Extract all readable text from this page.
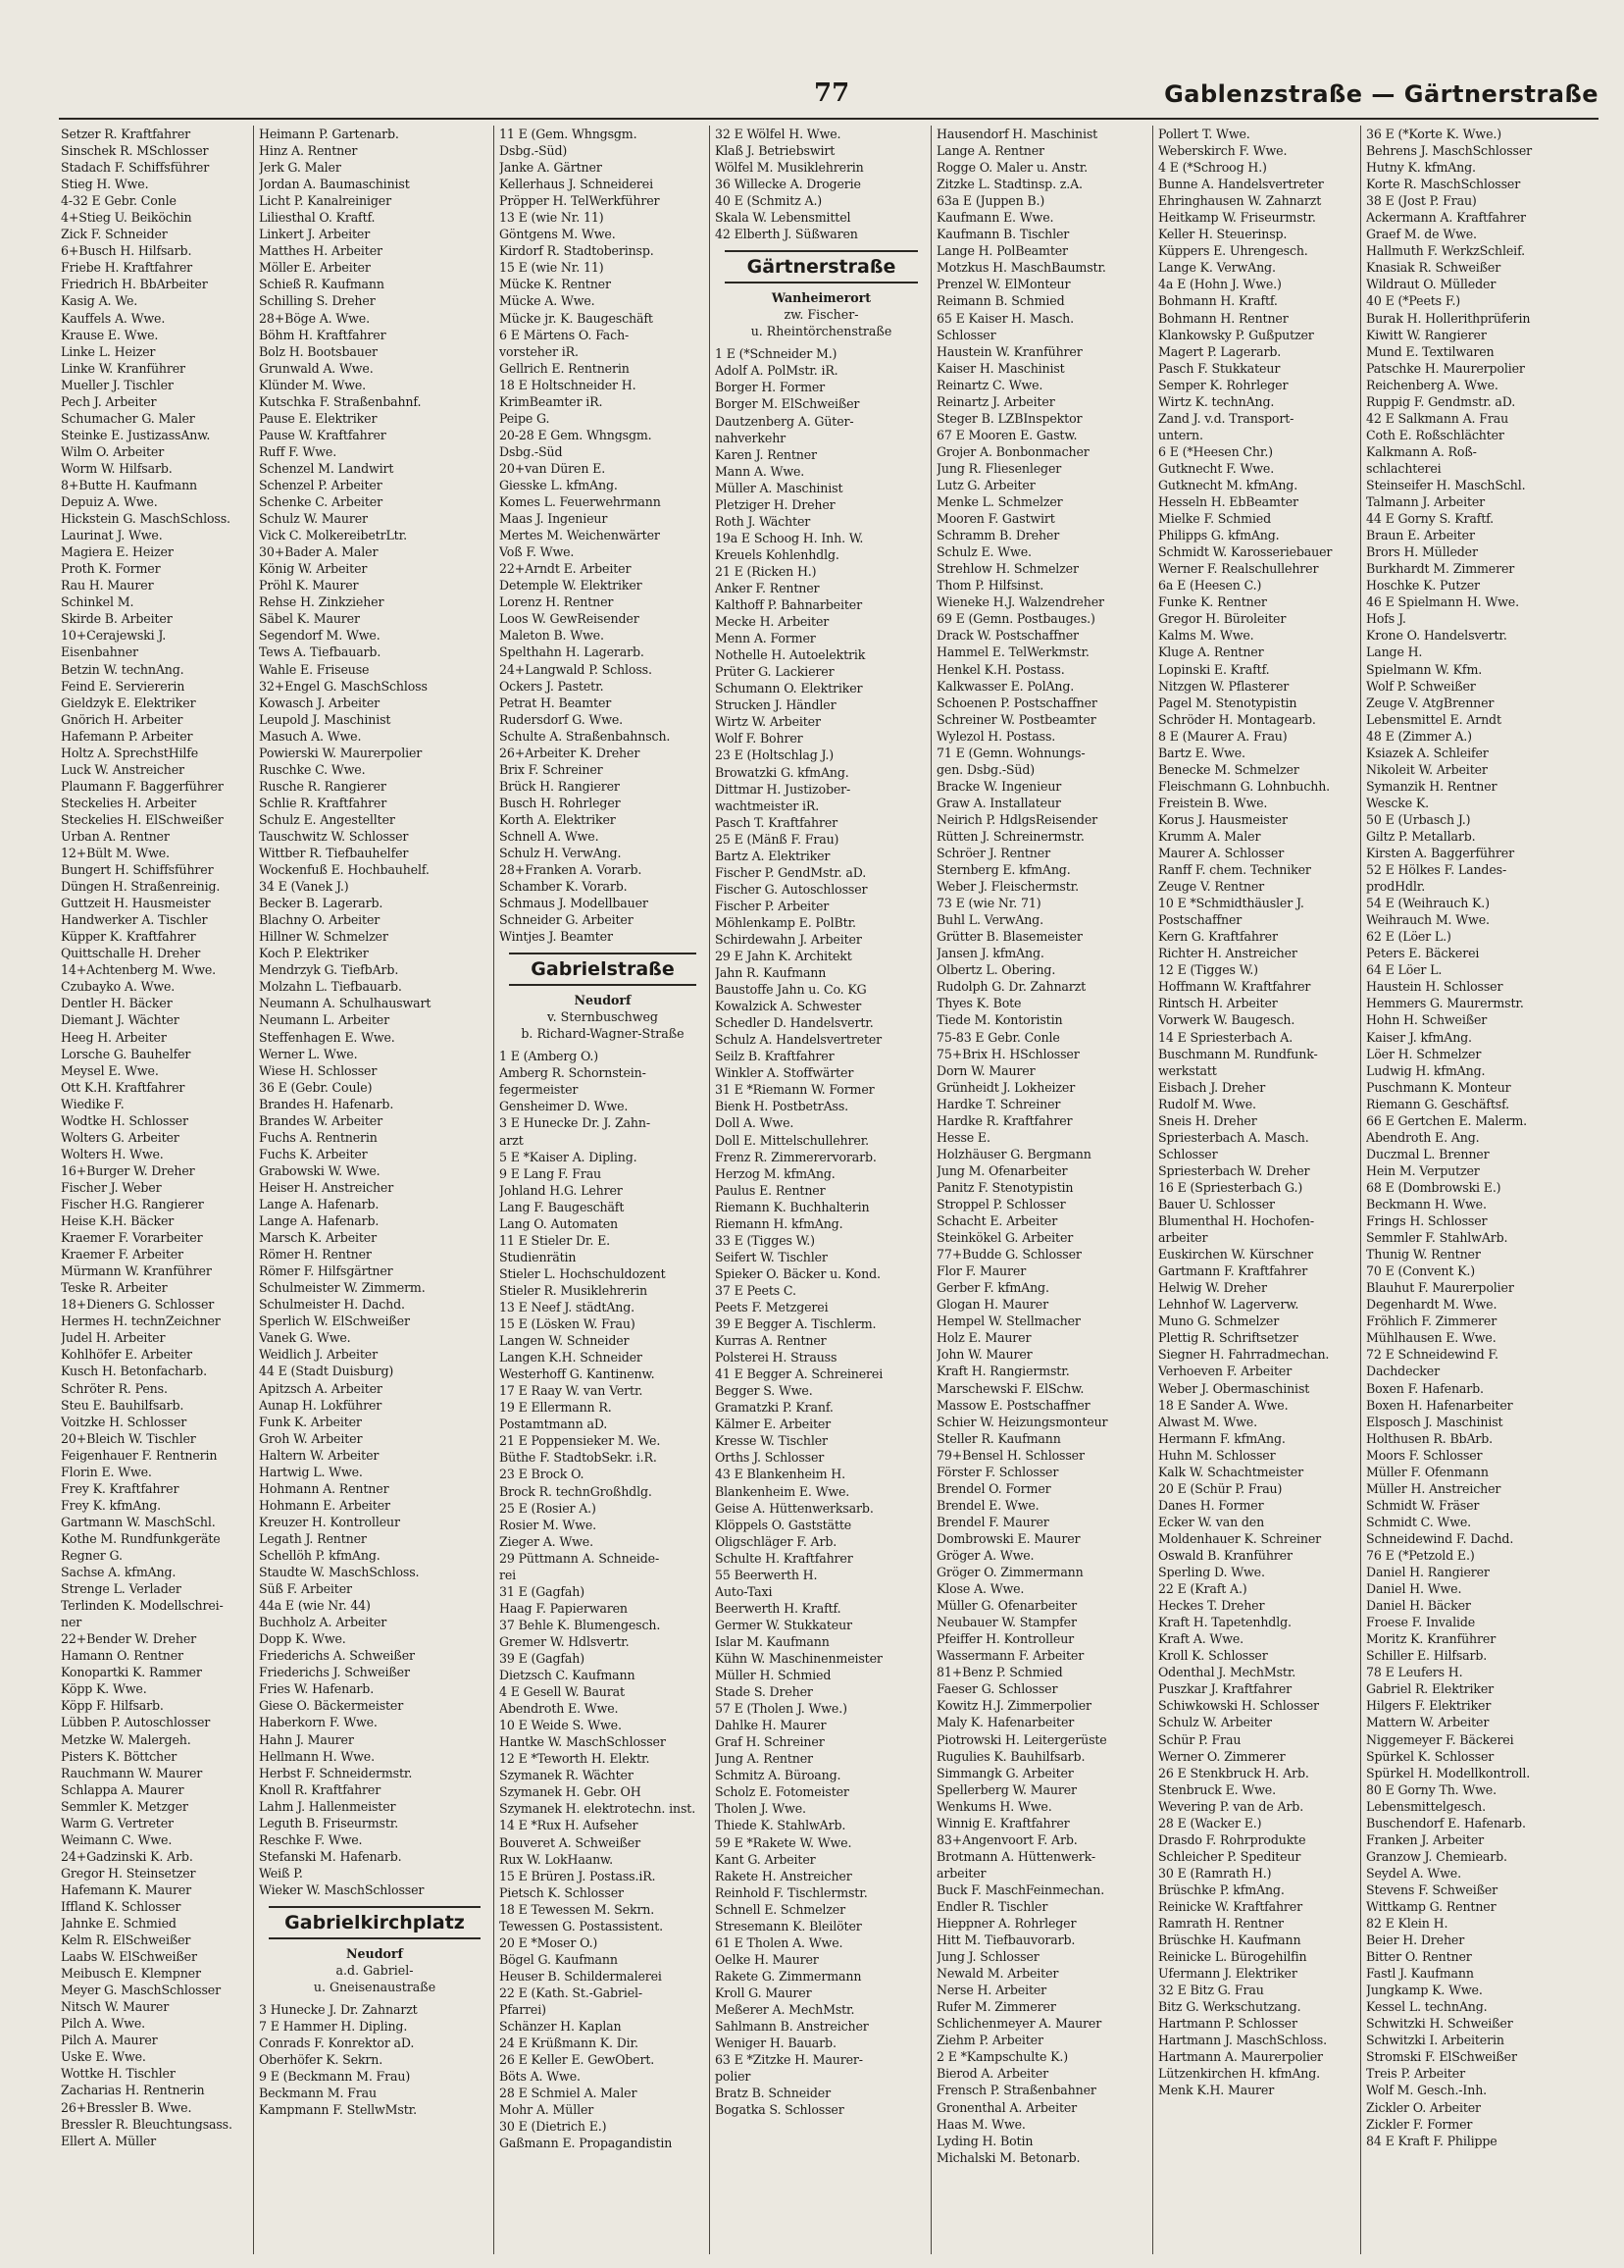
77	Gablenzstraße — Gärtnerstraße
Setzer R. Kraftfahrer
Sinschek R. MSchlosser
Stadach F. Schiffsführer
Stieg H. Wwe.
4-32 E Gebr. Conle
4+Stieg U. Beiköchin
Zick F. Schneider
6+Busch H. Hilfsarb.
Friebe H. Kraftfahrer
Friedrich H. BbArbeiter
Kasig A. We.
Kauffels A. Wwe.
Krause E. Wwe.
Linke L. Heizer
Linke W. Kranführer
Mueller J. Tischler
Pech J. Arbeiter
Schumacher G. Maler
Steinke E. JustizassAnw.
Wilm O. Arbeiter
Worm W. Hilfsarb.
8+Butte H. Kaufmann
Depuiz A. Wwe.
Hickstein G. MaschSchloss.
Laurinat J. Wwe.
Magiera E. Heizer
Proth K. Former
Rau H. Maurer
Schinkel M.
Skirde B. Arbeiter
10+Cerajewski J.
Eisenbahner
Betzin W. technAng.
Feind E. Serviererin
Gieldzyk E. Elektriker
Gnörich H. Arbeiter
Hafemann P. Arbeiter
Holtz A. SprechstHilfe
Luck W. Anstreicher
Plaumann F. Baggerführer
Steckelies H. Arbeiter
Steckelies H. ElSchweißer
Urban A. Rentner
12+Bült M. Wwe.
Bungert H. Schiffsführer
Düngen H. Straßenreinig.
Guttzeit H. Hausmeister
Handwerker A. Tischler
Küpper K. Kraftfahrer
Quittschalle H. Dreher
14+Achtenberg M. Wwe.
Czubayko A. Wwe.
Dentler H. Bäcker
Diemant J. Wächter
Heeg H. Arbeiter
Lorsche G. Bauhelfer
Meysel E. Wwe.
Ott K.H. Kraftfahrer
Wiedike F.
Wodtke H. Schlosser
Wolters G. Arbeiter
Wolters H. Wwe.
16+Burger W. Dreher
Fischer J. Weber
Fischer H.G. Rangierer
Heise K.H. Bäcker
Kraemer F. Vorarbeiter
Kraemer F. Arbeiter
Mürmann W. Kranführer
Teske R. Arbeiter
18+Dieners G. Schlosser
Hermes H. technZeichner
Judel H. Arbeiter
Kohlhöfer E. Arbeiter
Kusch H. Betonfacharb.
Schröter R. Pens.
Steu E. Bauhilfsarb.
Voitzke H. Schlosser
20+Bleich W. Tischler
Feigenhauer F. Rentnerin
Florin E. Wwe.
Frey K. Kraftfahrer
Frey K. kfmAng.
Gartmann W. MaschSchl.
Kothe M. Rundfunkgeräte
Regner G.
Sachse A. kfmAng.
Strenge L. Verlader
Terlinden K. Modellschrei-
ner
22+Bender W. Dreher
Hamann O. Rentner
Konopartki K. Rammer
Köpp K. Wwe.
Köpp F. Hilfsarb.
Lübben P. Autoschlosser
Metzke W. Malergeh.
Pisters K. Böttcher
Rauchmann W. Maurer
Schlappa A. Maurer
Semmler K. Metzger
Warm G. Vertreter
Weimann C. Wwe.
24+Gadzinski K. Arb.
Gregor H. Steinsetzer
Hafemann K. Maurer
Iffland K. Schlosser
Jahnke E. Schmied
Kelm R. ElSchweißer
Laabs W. ElSchweißer
Meibusch E. Klempner
Meyer G. MaschSchlosser
Nitsch W. Maurer
Pilch A. Wwe.
Pilch A. Maurer
Uske E. Wwe.
Wottke H. Tischler
Zacharias H. Rentnerin
26+Bressler B. Wwe.
Bressler R. Bleuchtungsass.
Ellert A. Müller
Heimann P. Gartenarb.
Hinz A. Rentner
Jerk G. Maler
Jordan A. Baumaschinist
Licht P. Kanalreiniger
Liliesthal O. Kraftf.
Linkert J. Arbeiter
Matthes H. Arbeiter
Möller E. Arbeiter
Schieß R. Kaufmann
Schilling S. Dreher
28+Böge A. Wwe.
Böhm H. Kraftfahrer
Bolz H. Bootsbauer
Grunwald A. Wwe.
Klünder M. Wwe.
Kutschka F. Straßenbahnf.
Pause E. Elektriker
Pause W. Kraftfahrer
Ruff F. Wwe.
Schenzel M. Landwirt
Schenzel P. Arbeiter
Schenke C. Arbeiter
Schulz W. Maurer
Vick C. MolkereibetrLtr.
30+Bader A. Maler
König W. Arbeiter
Pröhl K. Maurer
Rehse H. Zinkzieher
Säbel K. Maurer
Segendorf M. Wwe.
Tews A. Tiefbauarb.
Wahle E. Friseuse
32+Engel G. MaschSchloss
Kowasch J. Arbeiter
Leupold J. Maschinist
Masuch A. Wwe.
Powierski W. Maurerpolier
Ruschke C. Wwe.
Rusche R. Rangierer
Schlie R. Kraftfahrer
Schulz E. Angestellter
Tauschwitz W. Schlosser
Wittber R. Tiefbauhelfer
Wockenfuß E. Hochbauhelf.
34 E (Vanek J.)
Becker B. Lagerarb.
Blachny O. Arbeiter
Hillner W. Schmelzer
Koch P. Elektriker
Mendrzyk G. TiefbArb.
Molzahn L. Tiefbauarb.
Neumann A. Schulhauswart
Neumann L. Arbeiter
Steffenhagen E. Wwe.
Werner L. Wwe.
Wiese H. Schlosser
36 E (Gebr. Coule)
Brandes H. Hafenarb.
Brandes W. Arbeiter
Fuchs A. Rentnerin
Fuchs K. Arbeiter
Grabowski W. Wwe.
Heiser H. Anstreicher
Lange A. Hafenarb.
Lange A. Hafenarb.
Marsch K. Arbeiter
Römer H. Rentner
Römer F. Hilfsgärtner
Schulmeister W. Zimmerm.
Schulmeister H. Dachd.
Sperlich W. ElSchweißer
Vanek G. Wwe.
Weidlich J. Arbeiter
44 E (Stadt Duisburg)
Apitzsch A. Arbeiter
Aunap H. Lokführer
Funk K. Arbeiter
Groh W. Arbeiter
Haltern W. Arbeiter
Hartwig L. Wwe.
Hohmann A. Rentner
Hohmann E. Arbeiter
Kreuzer H. Kontrolleur
Legath J. Rentner
Schellöh P. kfmAng.
Staudte W. MaschSchloss.
Süß F. Arbeiter
44a E (wie Nr. 44)
Buchholz A. Arbeiter
Dopp K. Wwe.
Friederichs A. Schweißer
Friederichs J. Schweißer
Fries W. Hafenarb.
Giese O. Bäckermeister
Haberkorn F. Wwe.
Hahn J. Maurer
Hellmann H. Wwe.
Herbst F. Schneidermstr.
Knoll R. Kraftfahrer
Lahm J. Hallenmeister
Leguth B. Friseurmstr.
Reschke F. Wwe.
Stefanski M. Hafenarb.
Weiß P.
Wieker W. MaschSchlosser
Gabrielkirchplatz
Neudorf
a.d. Gabriel-
u. Gneisenaustraße
3 Hunecke J. Dr. Zahnarzt
7 E Hammer H. Dipling.
Conrads F. Konrektor aD.
Oberhöfer K. Sekrn.
9 E (Beckmann M. Frau)
Beckmann M. Frau
Kampmann F. StellwMstr.
11 E (Gem. Whngsgm.
Dsbg.-Süd)
Janke A. Gärtner
Kellerhaus J. Schneiderei
Pröpper H. TelWerkführer
13 E (wie Nr. 11)
Göntgens M. Wwe.
Kirdorf R. Stadtoberinsp.
15 E (wie Nr. 11)
Mücke K. Rentner
Mücke A. Wwe.
Mücke jr. K. Baugeschäft
6 E Märtens O. Fach-
vorsteher iR.
Gellrich E. Rentnerin
18 E Holtschneider H.
KrimBeamter iR.
Peipe G.
20-28 E Gem. Whngsgm.
Dsbg.-Süd
20+van Düren E.
Giesske L. kfmAng.
Komes L. Feuerwehrmann
Maas J. Ingenieur
Mertes M. Weichenwärter
Voß F. Wwe.
22+Arndt E. Arbeiter
Detemple W. Elektriker
Lorenz H. Rentner
Loos W. GewReisender
Maleton B. Wwe.
Spelthahn H. Lagerarb.
24+Langwald P. Schloss.
Ockers J. Pastetr.
Petrat H. Beamter
Rudersdorf G. Wwe.
Schulte A. Straßenbahnsch.
26+Arbeiter K. Dreher
Brix F. Schreiner
Brück H. Rangierer
Busch H. Rohrleger
Korth A. Elektriker
Schnell A. Wwe.
Schulz H. VerwAng.
28+Franken A. Vorarb.
Schamber K. Vorarb.
Schmaus J. Modellbauer
Schneider G. Arbeiter
Wintjes J. Beamter
Gabrielstraße
Neudorf
v. Sternbuschweg
b. Richard-Wagner-Straße
1 E (Amberg O.)
Amberg R. Schornstein-
fegermeister
Gensheimer D. Wwe.
3 E Hunecke Dr. J. Zahn-
arzt
5 E *Kaiser A. Dipling.
9 E Lang F. Frau
Johland H.G. Lehrer
Lang F. Baugeschäft
Lang O. Automaten
11 E Stieler Dr. E.
Studienrätin
Stieler L. Hochschuldozent
Stieler R. Musiklehrerin
13 E Neef J. städtAng.
15 E (Lösken W. Frau)
Langen W. Schneider
Langen K.H. Schneider
Westerhoff G. Kantinenw.
17 E Raay W. van Vertr.
19 E Ellermann R.
Postamtmann aD.
21 E Poppensieker M. We.
Büthe F. StadtobSekr. i.R.
23 E Brock O.
Brock R. technGroßhdlg.
25 E (Rosier A.)
Rosier M. Wwe.
Zieger A. Wwe.
29 Püttmann A. Schneide-
rei
31 E (Gagfah)
Haag F. Papierwaren
37 Behle K. Blumengesch.
Gremer W. Hdlsvertr.
39 E (Gagfah)
Dietzsch C. Kaufmann
4 E Gesell W. Baurat
Abendroth E. Wwe.
10 E Weide S. Wwe.
Hantke W. MaschSchlosser
12 E *Teworth H. Elektr.
Szymanek R. Wächter
Szymanek H. Gebr. OH
Szymanek H. elektrotechn. inst.
14 E *Rux H. Aufseher
Bouveret A. Schweißer
Rux W. LokHaanw.
15 E Brüren J. Postass.iR.
Pietsch K. Schlosser
18 E Tewessen M. Sekrn.
Tewessen G. Postassistent.
20 E *Moser O.)
Bögel G. Kaufmann
Heuser B. Schildermalerei
22 E (Kath. St.-Gabriel-
Pfarrei)
Schänzer H. Kaplan
24 E Krüßmann K. Dir.
26 E Keller E. GewObert.
Böts A. Wwe.
28 E Schmiel A. Maler
Mohr A. Müller
30 E (Dietrich E.)
Gaßmann E. Propagandistin
32 E Wölfel H. Wwe.
Klaß J. Betriebswirt
Wölfel M. Musiklehrerin
36 Willecke A. Drogerie
40 E (Schmitz A.)
Skala W. Lebensmittel
42 Elberth J. Süßwaren
Gärtnerstraße
Wanheimerort
zw. Fischer-
u. Rheintörchenstraße
1 E (*Schneider M.)
Adolf A. PolMstr. iR.
Borger H. Former
Borger M. ElSchweißer
Dautzenberg A. Güter-
nahverkehr
Karen J. Rentner
Mann A. Wwe.
Müller A. Maschinist
Pletziger H. Dreher
Roth J. Wächter
19a E Schoog H. Inh. W.
Kreuels Kohlenhdlg.
21 E (Ricken H.)
Anker F. Rentner
Kalthoff P. Bahnarbeiter
Mecke H. Arbeiter
Menn A. Former
Nothelle H. Autoelektrik
Prüter G. Lackierer
Schumann O. Elektriker
Strucken J. Händler
Wirtz W. Arbeiter
Wolf F. Bohrer
23 E (Holtschlag J.)
Browatzki G. kfmAng.
Dittmar H. Justizober-
wachtmeister iR.
Pasch T. Kraftfahrer
25 E (Mänß F. Frau)
Bartz A. Elektriker
Fischer P. GendMstr. aD.
Fischer G. Autoschlosser
Fischer P. Arbeiter
Möhlenkamp E. PolBtr.
Schirdewahn J. Arbeiter
29 E Jahn K. Architekt
Jahn R. Kaufmann
Baustoffe Jahn u. Co. KG
Kowalzick A. Schwester
Schedler D. Handelsvertr.
Schulz A. Handelsvertreter
Seilz B. Kraftfahrer
Winkler A. Stoffwärter
31 E *Riemann W. Former
Bienk H. PostbetrAss.
Doll A. Wwe.
Doll E. Mittelschullehrer.
Frenz R. Zimmerervorarb.
Herzog M. kfmAng.
Paulus E. Rentner
Riemann K. Buchhalterin
Riemann H. kfmAng.
33 E (Tigges W.)
Seifert W. Tischler
Spieker O. Bäcker u. Kond.
37 E Peets C.
Peets F. Metzgerei
39 E Begger A. Tischlerm.
Kurras A. Rentner
Polsterei H. Strauss
41 E Begger A. Schreinerei
Begger S. Wwe.
Gramatzki P. Kranf.
Kälmer E. Arbeiter
Kresse W. Tischler
Orths J. Schlosser
43 E Blankenheim H.
Blankenheim E. Wwe.
Geise A. Hüttenwerksarb.
Klöppels O. Gaststätte
Oligschläger F. Arb.
Schulte H. Kraftfahrer
55 Beerwerth H.
Auto-Taxi
Beerwerth H. Kraftf.
Germer W. Stukkateur
Islar M. Kaufmann
Kühn W. Maschinenmeister
Müller H. Schmied
Stade S. Dreher
57 E (Tholen J. Wwe.)
Dahlke H. Maurer
Graf H. Schreiner
Jung A. Rentner
Schmitz A. Büroang.
Scholz E. Fotomeister
Tholen J. Wwe.
Thiede K. StahlwArb.
59 E *Rakete W. Wwe.
Kant G. Arbeiter
Rakete H. Anstreicher
Reinhold F. Tischlermstr.
Schnell E. Schmelzer
Stresemann K. Bleilöter
61 E Tholen A. Wwe.
Oelke H. Maurer
Rakete G. Zimmermann
Kroll G. Maurer
Meßerer A. MechMstr.
Sahlmann B. Anstreicher
Weniger H. Bauarb.
63 E *Zitzke H. Maurer-
polier
Bratz B. Schneider
Bogatka S. Schlosser
Hausendorf H. Maschinist
Lange A. Rentner
Rogge O. Maler u. Anstr.
Zitzke L. Stadtinsp. z.A.
63a E (Juppen B.)
Kaufmann E. Wwe.
Kaufmann B. Tischler
Lange H. PolBeamter
Motzkus H. MaschBaumstr.
Prenzel W. ElMonteur
Reimann B. Schmied
65 E Kaiser H. Masch.
Schlosser
Haustein W. Kranführer
Kaiser H. Maschinist
Reinartz C. Wwe.
Reinartz J. Arbeiter
Steger B. LZBInspektor
67 E Mooren E. Gastw.
Grojer A. Bonbonmacher
Jung R. Fliesenleger
Lutz G. Arbeiter
Menke L. Schmelzer
Mooren F. Gastwirt
Schramm B. Dreher
Schulz E. Wwe.
Strehlow H. Schmelzer
Thom P. Hilfsinst.
Wieneke H.J. Walzendreher
69 E (Gemn. Postbauges.)
Drack W. Postschaffner
Hammel E. TelWerkmstr.
Henkel K.H. Postass.
Kalkwasser E. PolAng.
Schoenen P. Postschaffner
Schreiner W. Postbeamter
Wylezol H. Postass.
71 E (Gemn. Wohnungs-
gen. Dsbg.-Süd)
Bracke W. Ingenieur
Graw A. Installateur
Neirich P. HdlgsReisender
Rütten J. Schreinermstr.
Schröer J. Rentner
Sternberg E. kfmAng.
Weber J. Fleischermstr.
73 E (wie Nr. 71)
Buhl L. VerwAng.
Grütter B. Blasemeister
Jansen J. kfmAng.
Olbertz L. Obering.
Rudolph G. Dr. Zahnarzt
Thyes K. Bote
Tiede M. Kontoristin
75-83 E Gebr. Conle
75+Brix H. HSchlosser
Dorn W. Maurer
Grünheidt J. Lokheizer
Hardke T. Schreiner
Hardke R. Kraftfahrer
Hesse E.
Holzhäuser G. Bergmann
Jung M. Ofenarbeiter
Panitz F. Stenotypistin
Stroppel P. Schlosser
Schacht E. Arbeiter
Steinkökel G. Arbeiter
77+Budde G. Schlosser
Flor F. Maurer
Gerber F. kfmAng.
Glogan H. Maurer
Hempel W. Stellmacher
Holz E. Maurer
John W. Maurer
Kraft H. Rangiermstr.
Marschewski F. ElSchw.
Massow E. Postschaffner
Schier W. Heizungsmonteur
Steller R. Kaufmann
79+Bensel H. Schlosser
Förster F. Schlosser
Brendel O. Former
Brendel E. Wwe.
Brendel F. Maurer
Dombrowski E. Maurer
Gröger A. Wwe.
Gröger O. Zimmermann
Klose A. Wwe.
Müller G. Ofenarbeiter
Neubauer W. Stampfer
Pfeiffer H. Kontrolleur
Wassermann F. Arbeiter
81+Benz P. Schmied
Faeser G. Schlosser
Kowitz H.J. Zimmerpolier
Maly K. Hafenarbeiter
Piotrowski H. Leitergerüste
Rugulies K. Bauhilfsarb.
Simmangk G. Arbeiter
Spellerberg W. Maurer
Wenkums H. Wwe.
Winnig E. Kraftfahrer
83+Angenvoort F. Arb.
Brotmann A. Hüttenwerk-
arbeiter
Buck F. MaschFeinmechan.
Endler R. Tischler
Hieppner A. Rohrleger
Hitt M. Tiefbauvorarb.
Jung J. Schlosser
Newald M. Arbeiter
Nerse H. Arbeiter
Rufer M. Zimmerer
Schlichenmeyer A. Maurer
Ziehm P. Arbeiter
2 E *Kampschulte K.)
Bierod A. Arbeiter
Frensch P. Straßenbahner
Gronenthal A. Arbeiter
Haas M. Wwe.
Lyding H. Botin
Michalski M. Betonarb.
Pollert T. Wwe.
Weberskirch F. Wwe.
4 E (*Schroog H.)
Bunne A. Handelsvertreter
Ehringhausen W. Zahnarzt
Heitkamp W. Friseurmstr.
Keller H. Steuerinsp.
Küppers E. Uhrengesch.
Lange K. VerwAng.
4a E (Hohn J. Wwe.)
Bohmann H. Kraftf.
Bohmann H. Rentner
Klankowsky P. Gußputzer
Magert P. Lagerarb.
Pasch F. Stukkateur
Semper K. Rohrleger
Wirtz K. technAng.
Zand J. v.d. Transport-
untern.
6 E (*Heesen Chr.)
Gutknecht F. Wwe.
Gutknecht M. kfmAng.
Hesseln H. EbBeamter
Mielke F. Schmied
Philipps G. kfmAng.
Schmidt W. Karosseriebauer
Werner F. Realschullehrer
6a E (Heesen C.)
Funke K. Rentner
Gregor H. Büroleiter
Kalms M. Wwe.
Kluge A. Rentner
Lopinski E. Kraftf.
Nitzgen W. Pflasterer
Pagel M. Stenotypistin
Schröder H. Montagearb.
8 E (Maurer A. Frau)
Bartz E. Wwe.
Benecke M. Schmelzer
Fleischmann G. Lohnbuchh.
Freistein B. Wwe.
Korus J. Hausmeister
Krumm A. Maler
Maurer A. Schlosser
Ranff F. chem. Techniker
Zeuge V. Rentner
10 E *Schmidthäusler J.
Postschaffner
Kern G. Kraftfahrer
Richter H. Anstreicher
12 E (Tigges W.)
Hoffmann W. Kraftfahrer
Rintsch H. Arbeiter
Vorwerk W. Baugesch.
14 E Spriesterbach A.
Buschmann M. Rundfunk-
werkstatt
Eisbach J. Dreher
Rudolf M. Wwe.
Sneis H. Dreher
Spriesterbach A. Masch.
Schlosser
Spriesterbach W. Dreher
16 E (Spriesterbach G.)
Bauer U. Schlosser
Blumenthal H. Hochofen-
arbeiter
Euskirchen W. Kürschner
Gartmann F. Kraftfahrer
Helwig W. Dreher
Lehnhof W. Lagerverw.
Muno G. Schmelzer
Plettig R. Schriftsetzer
Siegner H. Fahrradmechan.
Verhoeven F. Arbeiter
Weber J. Obermaschinist
18 E Sander A. Wwe.
Alwast M. Wwe.
Hermann F. kfmAng.
Huhn M. Schlosser
Kalk W. Schachtmeister
20 E (Schür P. Frau)
Danes H. Former
Ecker W. van den
Moldenhauer K. Schreiner
Oswald B. Kranführer
Sperling D. Wwe.
22 E (Kraft A.)
Heckes T. Dreher
Kraft H. Tapetenhdlg.
Kraft A. Wwe.
Kroll K. Schlosser
Odenthal J. MechMstr.
Puszkar J. Kraftfahrer
Schiwkowski H. Schlosser
Schulz W. Arbeiter
Schür P. Frau
Werner O. Zimmerer
26 E Stenkbruck H. Arb.
Stenbruck E. Wwe.
Wevering P. van de Arb.
28 E (Wacker E.)
Drasdo F. Rohrprodukte
Schleicher P. Spediteur
30 E (Ramrath H.)
Brüschke P. kfmAng.
Reinicke W. Kraftfahrer
Ramrath H. Rentner
Brüschke H. Kaufmann
Reinicke L. Bürogehilfin
Ufermann J. Elektriker
32 E Bitz G. Frau
Bitz G. Werkschutzang.
Hartmann P. Schlosser
Hartmann J. MaschSchloss.
Hartmann A. Maurerpolier
Lützenkirchen H. kfmAng.
Menk K.H. Maurer
36 E (*Korte K. Wwe.)
Behrens J. MaschSchlosser
Hutny K. kfmAng.
Korte R. MaschSchlosser
38 E (Jost P. Frau)
Ackermann A. Kraftfahrer
Graef M. de Wwe.
Hallmuth F. WerkzSchleif.
Knasiak R. Schweißer
Wildraut O. Mülleder
40 E (*Peets F.)
Burak H. Hollerithprüferin
Kiwitt W. Rangierer
Mund E. Textilwaren
Patschke H. Maurerpolier
Reichenberg A. Wwe.
Ruppig F. Gendmstr. aD.
42 E Salkmann A. Frau
Coth E. Roßschlächter
Kalkmann A. Roß-
schlachterei
Steinseifer H. MaschSchl.
Talmann J. Arbeiter
44 E Gorny S. Kraftf.
Braun E. Arbeiter
Brors H. Mülleder
Burkhardt M. Zimmerer
Hoschke K. Putzer
46 E Spielmann H. Wwe.
Hofs J.
Krone O. Handelsvertr.
Lange H.
Spielmann W. Kfm.
Wolf P. Schweißer
Zeuge V. AtgBrenner
Lebensmittel E. Arndt
48 E (Zimmer A.)
Ksiazek A. Schleifer
Nikoleit W. Arbeiter
Symanzik H. Rentner
Wescke K.
50 E (Urbasch J.)
Giltz P. Metallarb.
Kirsten A. Baggerführer
52 E Hölkes F. Landes-
prodHdlr.
54 E (Weihrauch K.)
Weihrauch M. Wwe.
62 E (Löer L.)
Peters E. Bäckerei
64 E Löer L.
Haustein H. Schlosser
Hemmers G. Maurermstr.
Hohn H. Schweißer
Kaiser J. kfmAng.
Löer H. Schmelzer
Ludwig H. kfmAng.
Puschmann K. Monteur
Riemann G. Geschäftsf.
66 E Gertchen E. Malerm.
Abendroth E. Ang.
Duczmal L. Brenner
Hein M. Verputzer
68 E (Dombrowski E.)
Beckmann H. Wwe.
Frings H. Schlosser
Semmler F. StahlwArb.
Thunig W. Rentner
70 E (Convent K.)
Blauhut F. Maurerpolier
Degenhardt M. Wwe.
Fröhlich F. Zimmerer
Mühlhausen E. Wwe.
72 E Schneidewind F.
Dachdecker
Boxen F. Hafenarb.
Boxen H. Hafenarbeiter
Elsposch J. Maschinist
Holthusen R. BbArb.
Moors F. Schlosser
Müller F. Ofenmann
Müller H. Anstreicher
Schmidt W. Fräser
Schmidt C. Wwe.
Schneidewind F. Dachd.
76 E (*Petzold E.)
Daniel H. Rangierer
Daniel H. Wwe.
Daniel H. Bäcker
Froese F. Invalide
Moritz K. Kranführer
Schiller E. Hilfsarb.
78 E Leufers H.
Gabriel R. Elektriker
Hilgers F. Elektriker
Mattern W. Arbeiter
Niggemeyer F. Bäckerei
Spürkel K. Schlosser
Spürkel H. Modellkontroll.
80 E Gorny Th. Wwe.
Lebensmittelgesch.
Buschendorf E. Hafenarb.
Franken J. Arbeiter
Granzow J. Chemiearb.
Seydel A. Wwe.
Stevens F. Schweißer
Wittkamp G. Rentner
82 E Klein H.
Beier H. Dreher
Bitter O. Rentner
Fastl J. Kaufmann
Jungkamp K. Wwe.
Kessel L. technAng.
Schwitzki H. Schweißer
Schwitzki I. Arbeiterin
Stromski F. ElSchweißer
Treis P. Arbeiter
Wolf M. Gesch.-Inh.
Zickler O. Arbeiter
Zickler F. Former
84 E Kraft F. Philippe
